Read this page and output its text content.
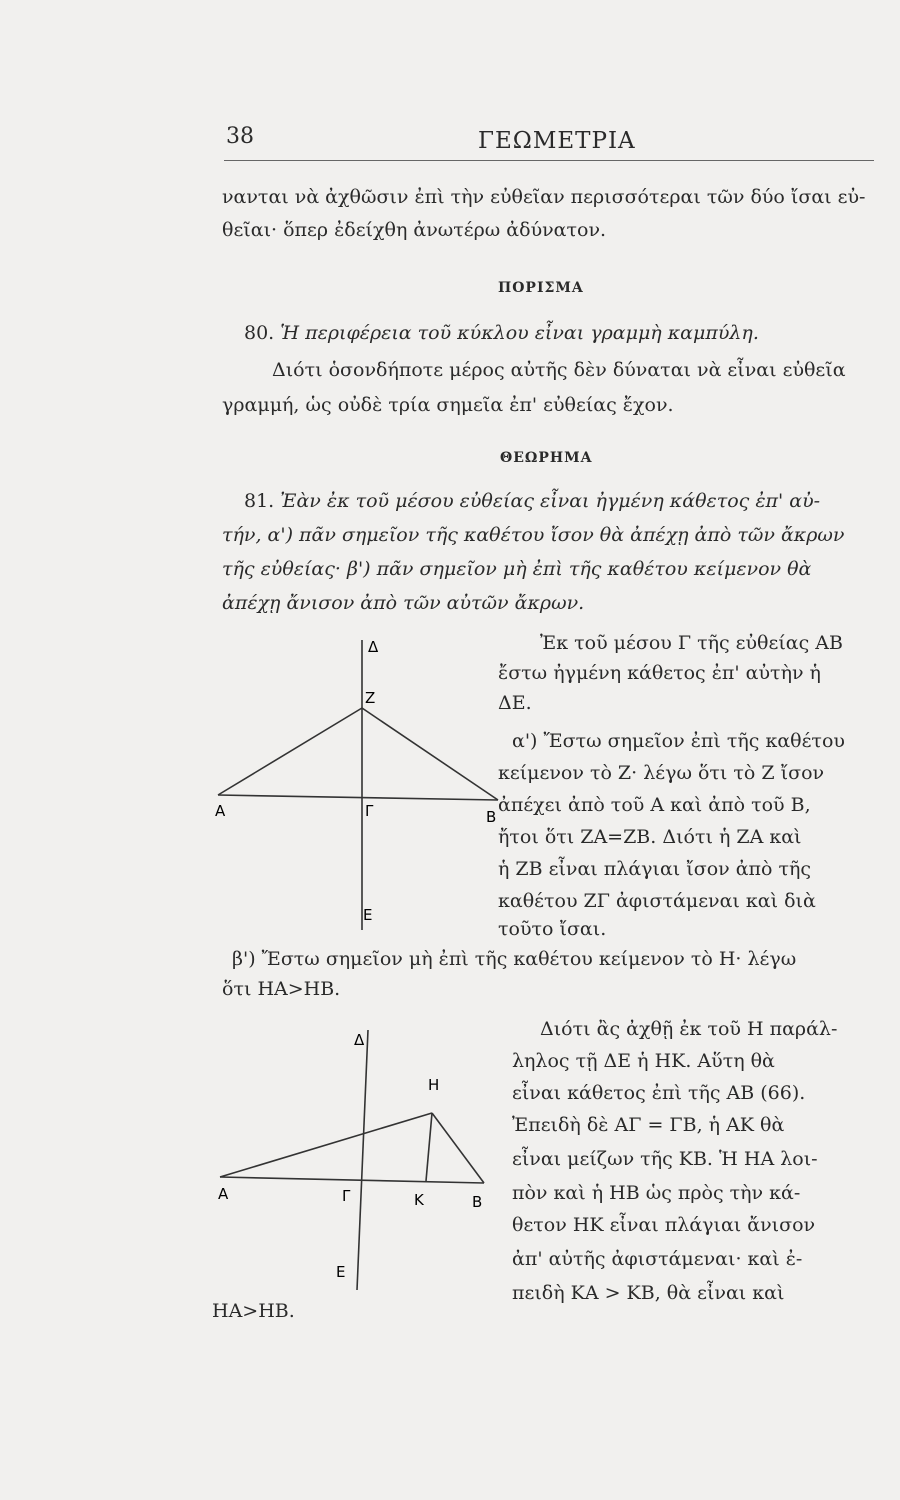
38	ΓΕΩΜΕΤΡΙΑ
νανται νὰ ἀχθῶσιν ἐπὶ τὴν εὐθεῖαν περισσότεραι τῶν δύο ἴσαι εὐ-
θεῖαι· ὅπερ ἐδείχθη ἀνωτέρω ἀδύνατον.
ΠΟΡΙΣΜΑ
80. Ἡ περιφέρεια τοῦ κύκλου εἶναι γραμμὴ καμπύλη.
Διότι ὁσονδήποτε μέρος αὐτῆς δὲν δύναται νὰ εἶναι εὐθεῖα
γραμμή, ὡς οὐδὲ τρία σημεῖα ἐπ' εὐθείας ἔχον.
ΘΕΩΡΗΜΑ
81. Ἐὰν ἐκ τοῦ μέσου εὐθείας εἶναι ἠγμένη κάθετος ἐπ' αὐ-
τήν, α') πᾶν σημεῖον τῆς καθέτου ἴσον θὰ ἀπέχῃ ἀπὸ τῶν ἄκρων
τῆς εὐθείας· β') πᾶν σημεῖον μὴ ἐπὶ τῆς καθέτου κείμενον θὰ
ἀπέχῃ ἄνισον ἀπὸ τῶν αὐτῶν ἄκρων.
Δ
Z
A	Γ	B
E
Ἐκ τοῦ μέσου Γ τῆς εὐθείας ΑΒ
ἔστω ἠγμένη κάθετος ἐπ' αὐτὴν ἡ
ΔΕ.
α') Ἔστω σημεῖον ἐπὶ τῆς καθέτου
κείμενον τὸ Ζ· λέγω ὅτι τὸ Ζ ἴσον
ἀπέχει ἀπὸ τοῦ Α καὶ ἀπὸ τοῦ Β,
ἤτοι ὅτι ΖΑ=ΖΒ. Διότι ἡ ΖΑ καὶ
ἡ ΖΒ εἶναι πλάγιαι ἴσον ἀπὸ τῆς
καθέτου ΖΓ ἀφιστάμεναι καὶ διὰ
τοῦτο ἴσαι.
β') Ἔστω σημεῖον μὴ ἐπὶ τῆς καθέτου κείμενον τὸ Η· λέγω
ὅτι ΗΑ>ΗΒ.
Δ
H
A	Γ	K	B
E
Διότι ἂς ἀχθῇ ἐκ τοῦ Η παράλ-
ληλος τῇ ΔΕ ἡ ΗΚ. Αὕτη θὰ
εἶναι κάθετος ἐπὶ τῆς ΑΒ (66).
Ἐπειδὴ δὲ ΑΓ = ΓΒ, ἡ ΑΚ θὰ
εἶναι μείζων τῆς ΚΒ. Ἡ ΗΑ λοι-
πὸν καὶ ἡ ΗΒ ὡς πρὸς τὴν κά-
θετον ΗΚ εἶναι πλάγιαι ἄνισον
ἀπ' αὐτῆς ἀφιστάμεναι· καὶ ἐ-
πειδὴ ΚΑ > ΚΒ, θὰ εἶναι καὶ
ΗΑ>ΗΒ.
